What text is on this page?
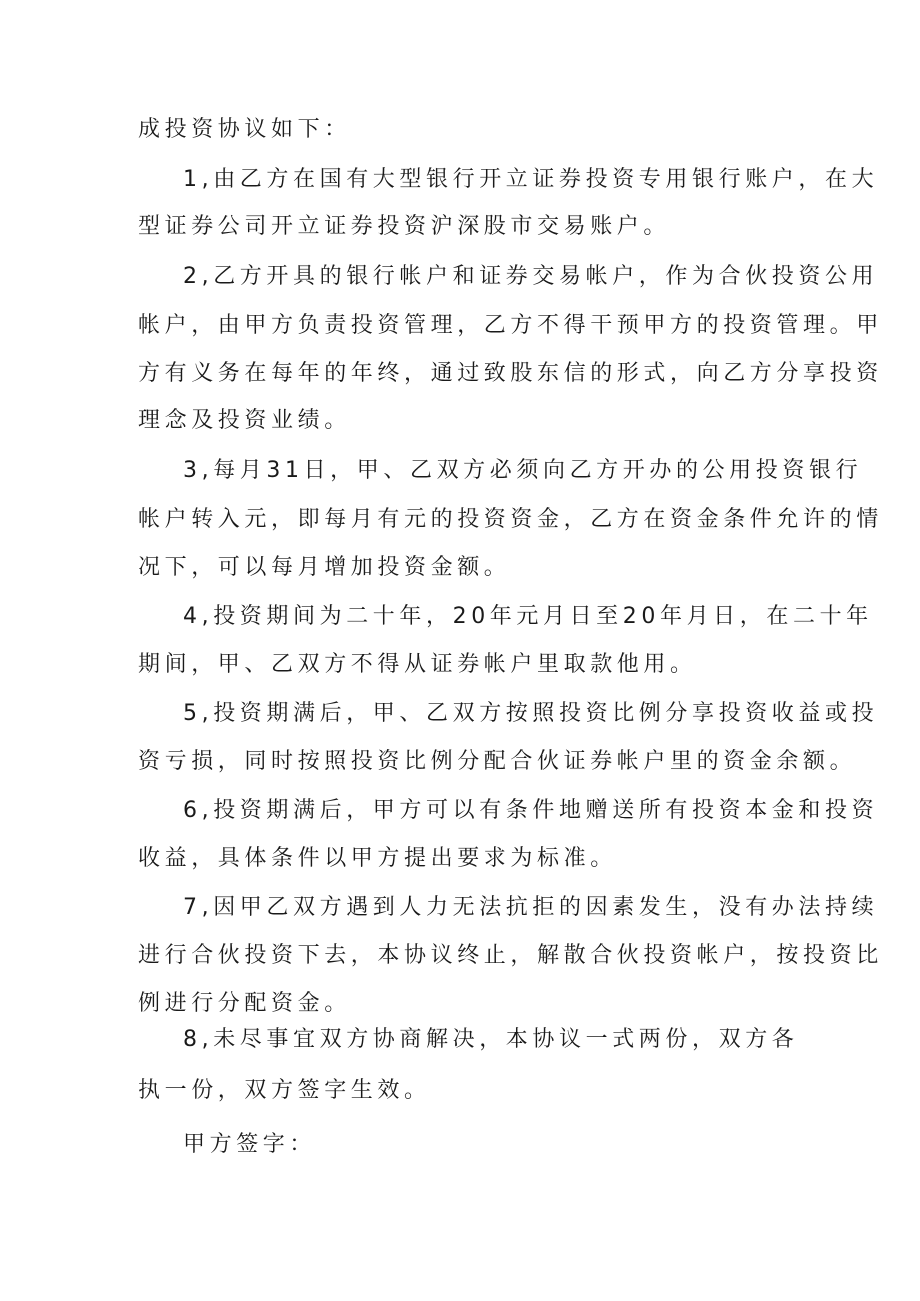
成投资协议如下：
1,由乙方在国有大型银行开立证券投资专用银行账户，在大
型证券公司开立证券投资沪深股市交易账户。
2,乙方开具的银行帐户和证券交易帐户，作为合伙投资公用
帐户，由甲方负责投资管理，乙方不得干预甲方的投资管理。甲
方有义务在每年的年终，通过致股东信的形式，向乙方分享投资
理念及投资业绩。
3,每月31日，甲、乙双方必须向乙方开办的公用投资银行
帐户转入元，即每月有元的投资资金，乙方在资金条件允许的情
况下，可以每月增加投资金额。
4,投资期间为二十年，20年元月日至20年月日，在二十年
期间，甲、乙双方不得从证券帐户里取款他用。
5,投资期满后，甲、乙双方按照投资比例分享投资收益或投
资亏损，同时按照投资比例分配合伙证券帐户里的资金余额。
6,投资期满后，甲方可以有条件地赠送所有投资本金和投资
收益，具体条件以甲方提出要求为标准。
7,因甲乙双方遇到人力无法抗拒的因素发生，没有办法持续
进行合伙投资下去，本协议终止，解散合伙投资帐户，按投资比
例进行分配资金。
8,未尽事宜双方协商解决，本协议一式两份，双方各
执一份，双方签字生效。
甲方签字：
